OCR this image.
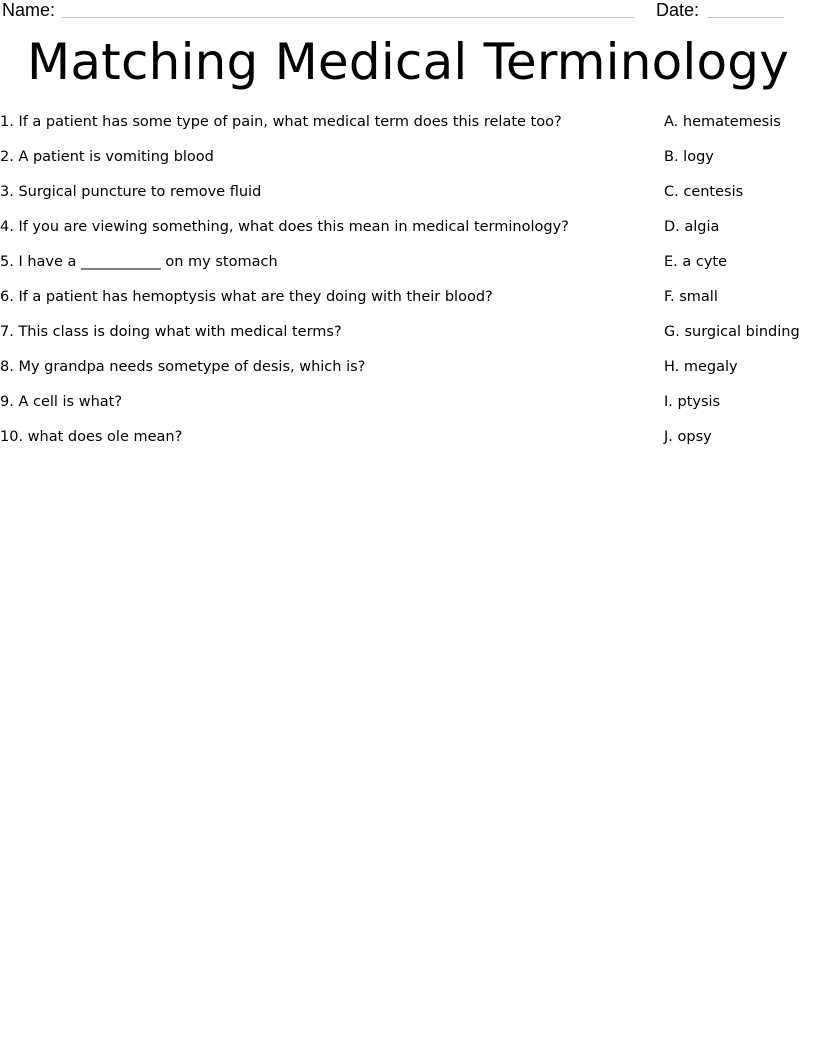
Name:	Date:
Matching Medical Terminology
1. If a patient has some type of pain, what medical term does this relate too?
2. A patient is vomiting blood
3. Surgical puncture to remove fluid
4. If you are viewing something, what does this mean in medical terminology?
5. I have a ___________ on my stomach
6. If a patient has hemoptysis what are they doing with their blood?
7. This class is doing what with medical terms?
8. My grandpa needs sometype of desis, which is?
9. A cell is what?
10. what does ole mean?
A. hematemesis
B. logy
C. centesis
D. algia
E. a cyte
F. small
G. surgical binding
H. megaly
I. ptysis
J. opsy
